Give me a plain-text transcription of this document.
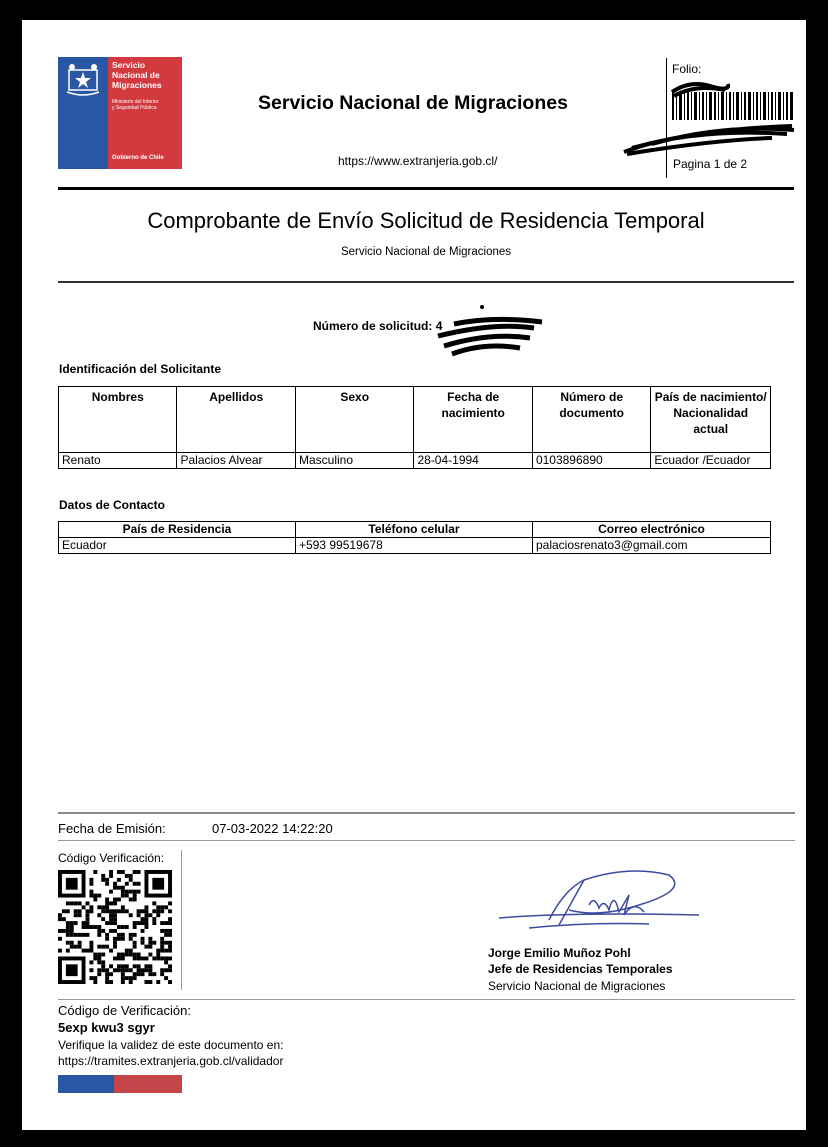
Servicio
Nacional de
Migraciones
Ministerio del Interior
y Seguridad Pública
Gobierno de Chile
Servicio Nacional de Migraciones
https://www.extranjeria.gob.cl/
Folio:
Pagina 1 de 2
Comprobante de Envío Solicitud de Residencia Temporal
Servicio Nacional de Migraciones
Número de solicitud: 4
Identificación del Solicitante
Nombres	Apellidos	Sexo	Fecha de nacimiento	Número de documento	País de nacimiento/ Nacionalidad actual
Renato	Palacios Alvear	Masculino	28-04-1994	0103896890	Ecuador /Ecuador
Datos de Contacto
País de Residencia	Teléfono celular	Correo electrónico
Ecuador	+593 99519678	palaciosrenato3@gmail.com
Fecha de Emisión:	07-03-2022 14:22:20
Código Verificación:
Jorge Emilio Muñoz Pohl
Jefe de Residencias Temporales
Servicio Nacional de Migraciones
Código de Verificación:
5exp kwu3 sgyr
Verifique la validez de este documento en:
https://tramites.extranjeria.gob.cl/validador
